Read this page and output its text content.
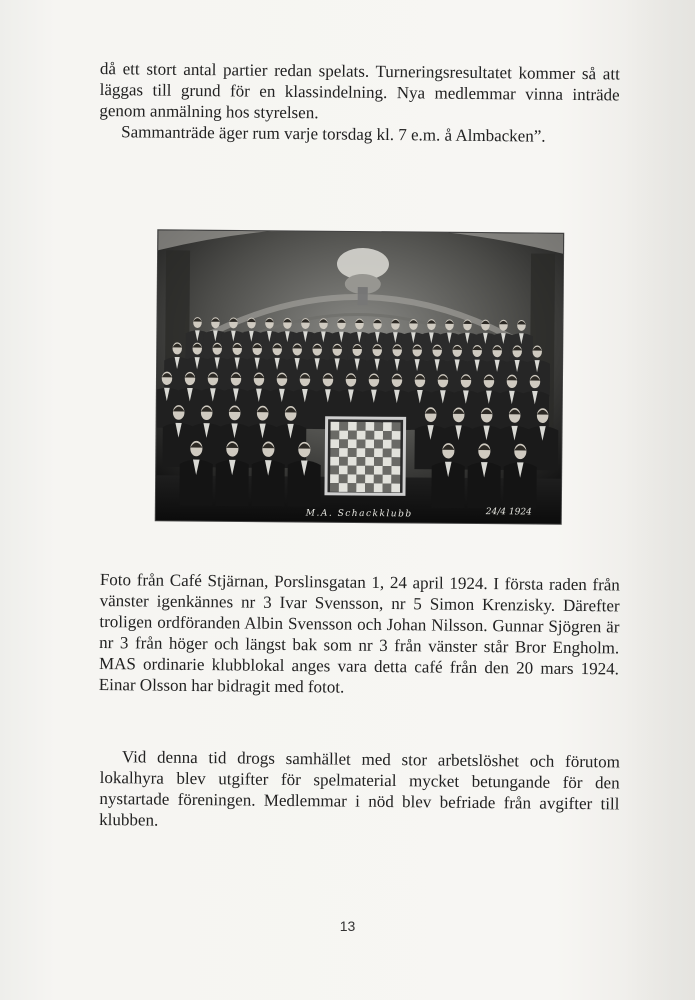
då ett stort antal partier redan spelats. Turneringsresultatet kommer så att läggas till grund för en klassindelning. Nya medlemmar vinna inträde genom anmälning hos styrelsen.

Sammanträde äger rum varje torsdag kl. 7 e.m. å Almbacken”.

M.A. Schackklubb	24/4 1924

Foto från Café Stjärnan, Porslinsgatan 1, 24 april 1924. I första raden från vänster igenkännes nr 3 Ivar Svensson, nr 5 Simon Krenzisky. Därefter troligen ordföranden Albin Svensson och Johan Nilsson. Gunnar Sjögren är nr 3 från höger och längst bak som nr 3 från vänster står Bror Engholm. MAS ordinarie klubblokal anges vara detta café från den 20 mars 1924. Einar Olsson har bidragit med fotot.

Vid denna tid drogs samhället med stor arbetslöshet och förutom lokalhyra blev utgifter för spelmaterial mycket betungande för den nystartade föreningen. Medlemmar i nöd blev befriade från avgifter till klubben.

13
